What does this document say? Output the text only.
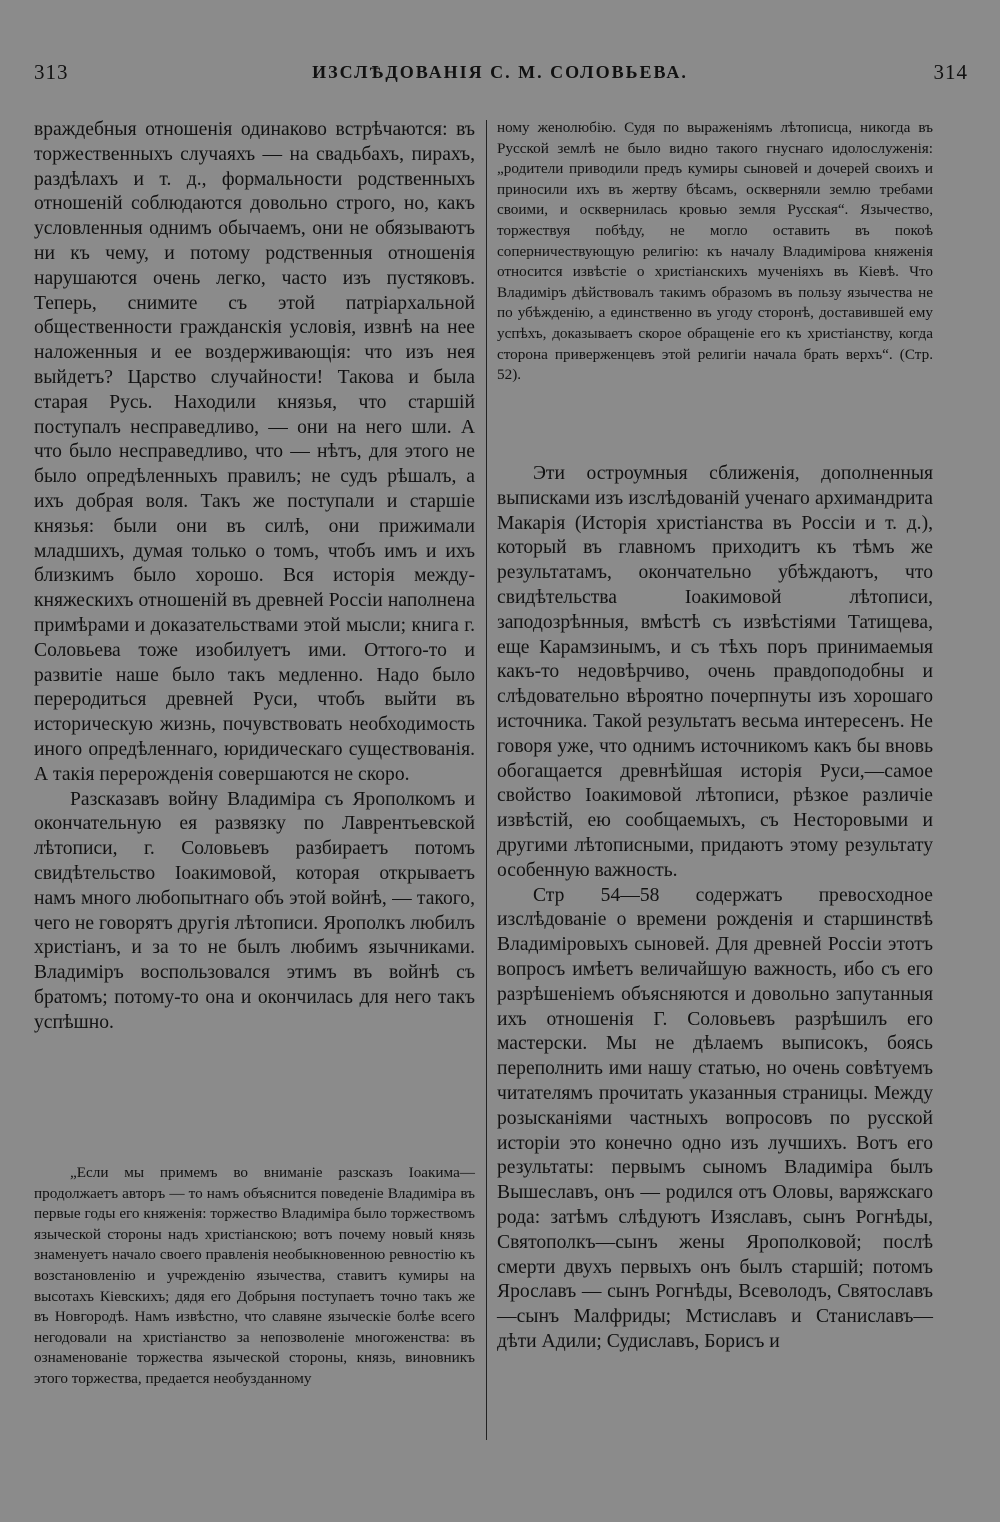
313	ИЗСЛѢДОВАНІЯ С. М. СОЛОВЬЕВА.	314

враждебныя отношенія одинаково встрѣчаются: въ торжественныхъ случаяхъ — на свадьбахъ, пирахъ, раздѣлахъ и т. д., формальности родственныхъ отношеній соблюдаются довольно строго, но, какъ условленныя однимъ обычаемъ, они не обязываютъ ни къ чему, и потому родственныя отношенія нарушаются очень легко, часто изъ пустяковъ. Теперь, снимите съ этой патріархальной общественности гражданскія условія, извнѣ на нее наложенныя и ее воздерживающія: что изъ нея выйдетъ? Царство случайности! Такова и была старая Русь. Находили князья, что старшій поступалъ несправедливо, — они на него шли. А что было несправедливо, что — нѣтъ, для этого не было опредѣленныхъ правилъ; не судъ рѣшалъ, а ихъ добрая воля. Такъ же поступали и старшіе князья: были они въ силѣ, они прижимали младшихъ, думая только о томъ, чтобъ имъ и ихъ близкимъ было хорошо. Вся исторія между-княжескихъ отношеній въ древней Россіи наполнена примѣрами и доказательствами этой мысли; книга г. Соловьева тоже изобилуетъ ими. Оттого-то и развитіе наше было такъ медленно. Надо было переродиться древней Руси, чтобъ выйти въ историческую жизнь, почувствовать необходимость иного опредѣленнаго, юридическаго существованія. А такія перерожденія совершаются не скоро.

Разсказавъ войну Владиміра съ Ярополкомъ и окончательную ея развязку по Лаврентьевской лѣтописи, г. Соловьевъ разбираетъ потомъ свидѣтельство Іоакимовой, которая открываетъ намъ много любопытнаго объ этой войнѣ, — такого, чего не говорятъ другія лѣтописи. Ярополкъ любилъ христіанъ, и за то не былъ любимъ язычниками. Владиміръ воспользовался этимъ въ войнѣ съ братомъ; потому-то она и окончилась для него такъ успѣшно.

„Если мы примемъ во вниманіе разсказъ Іоакима—продолжаетъ авторъ — то намъ объяснится поведеніе Владиміра въ первые годы его княженія: торжество Владиміра было торжествомъ языческой стороны надъ христіанскою; вотъ почему новый князь знаменуетъ начало своего правленія необыкновенною ревностію къ возстановленію и учрежденію язычества, ставитъ кумиры на высотахъ Кіевскихъ; дядя его Добрыня поступаетъ точно такъ же въ Новгородѣ. Намъ извѣстно, что славяне языческіе болѣе всего негодовали на христіанство за непозволеніе многоженства: въ ознаменованіе торжества языческой стороны, князь, виновникъ этого торжества, предается необузданному

ному женолюбію. Судя по выраженіямъ лѣтописца, никогда въ Русской землѣ не было видно такого гнуснаго идолослуженія: „родители приводили предъ кумиры сыновей и дочерей своихъ и приносили ихъ въ жертву бѣсамъ, оскверняли землю требами своими, и осквернилась кровью земля Русская“. Язычество, торжествуя побѣду, не могло оставить въ покоѣ соперничествующую религію: къ началу Владимірова княженія относится извѣстіе о христіанскихъ мученіяхъ въ Кіевѣ. Что Владиміръ дѣйствовалъ такимъ образомъ въ пользу язычества не по убѣжденію, а единственно въ угоду сторонѣ, доставившей ему успѣхъ, доказываетъ скорое обращеніе его къ христіанству, когда сторона приверженцевъ этой религіи начала брать верхъ“. (Стр. 52).

Эти остроумныя сближенія, дополненныя выписками изъ изслѣдованій ученаго архимандрита Макарія (Исторія христіанства въ Россіи и т. д.), который въ главномъ приходитъ къ тѣмъ же результатамъ, окончательно убѣждаютъ, что свидѣтельства Іоакимовой лѣтописи, заподозрѣнныя, вмѣстѣ съ извѣстіями Татищева, еще Карамзинымъ, и съ тѣхъ поръ принимаемыя какъ-то недовѣрчиво, очень правдоподобны и слѣдовательно вѣроятно почерпнуты изъ хорошаго источника. Такой результатъ весьма интересенъ. Не говоря уже, что однимъ источникомъ какъ бы вновь обогащается древнѣйшая исторія Руси,—самое свойство Іоакимовой лѣтописи, рѣзкое различіе извѣстій, ею сообщаемыхъ, съ Несторовыми и другими лѣтописными, придаютъ этому результату особенную важность.

Стр 54—58 содержатъ превосходное изслѣдованіе о времени рожденія и старшинствѣ Владиміровыхъ сыновей. Для древней Россіи этотъ вопросъ имѣетъ величайшую важность, ибо съ его разрѣшеніемъ объясняются и довольно запутанныя ихъ отношенія Г. Соловьевъ разрѣшилъ его мастерски. Мы не дѣлаемъ выписокъ, боясь переполнить ими нашу статью, но очень совѣтуемъ читателямъ прочитать указанныя страницы. Между розысканіями частныхъ вопросовъ по русской исторіи это конечно одно изъ лучшихъ. Вотъ его результаты: первымъ сыномъ Владиміра былъ Вышеславъ, онъ — родился отъ Оловы, варяжскаго рода: затѣмъ слѣдуютъ Изяславъ, сынъ Рогнѣды, Святополкъ—сынъ жены Ярополковой; послѣ смерти двухъ первыхъ онъ былъ старшій; потомъ Ярославъ — сынъ Рогнѣды, Всеволодъ, Святославъ—сынъ Малфриды; Мстиславъ и Станиславъ—дѣти Адили; Судиславъ, Борисъ и
